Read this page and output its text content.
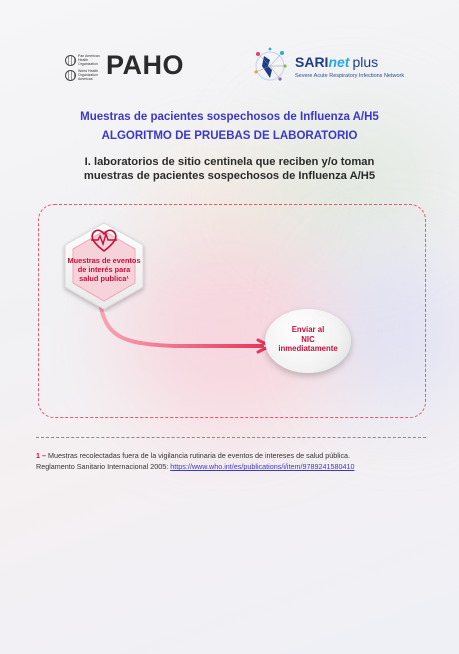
Pan American Health Organization
World Health Organization Americas PAHO	SARInet plus
Severe Acute Respiratory Infections Network
Muestras de pacientes sospechosos de Influenza A/H5
ALGORITMO DE PRUEBAS DE LABORATORIO
I. laboratorios de sitio centinela que reciben y/o toman
muestras de pacientes sospechosos de Influenza A/H5
Muestras de eventos
de interés para
salud publica¹
Enviar al
NIC
inmediatamente
1 – Muestras recolectadas fuera de la vigilancia rutinaria de eventos de intereses de salud pública.
Reglamento Sanitario Internacional 2005: https://www.who.int/es/publications/i/item/9789241580410
